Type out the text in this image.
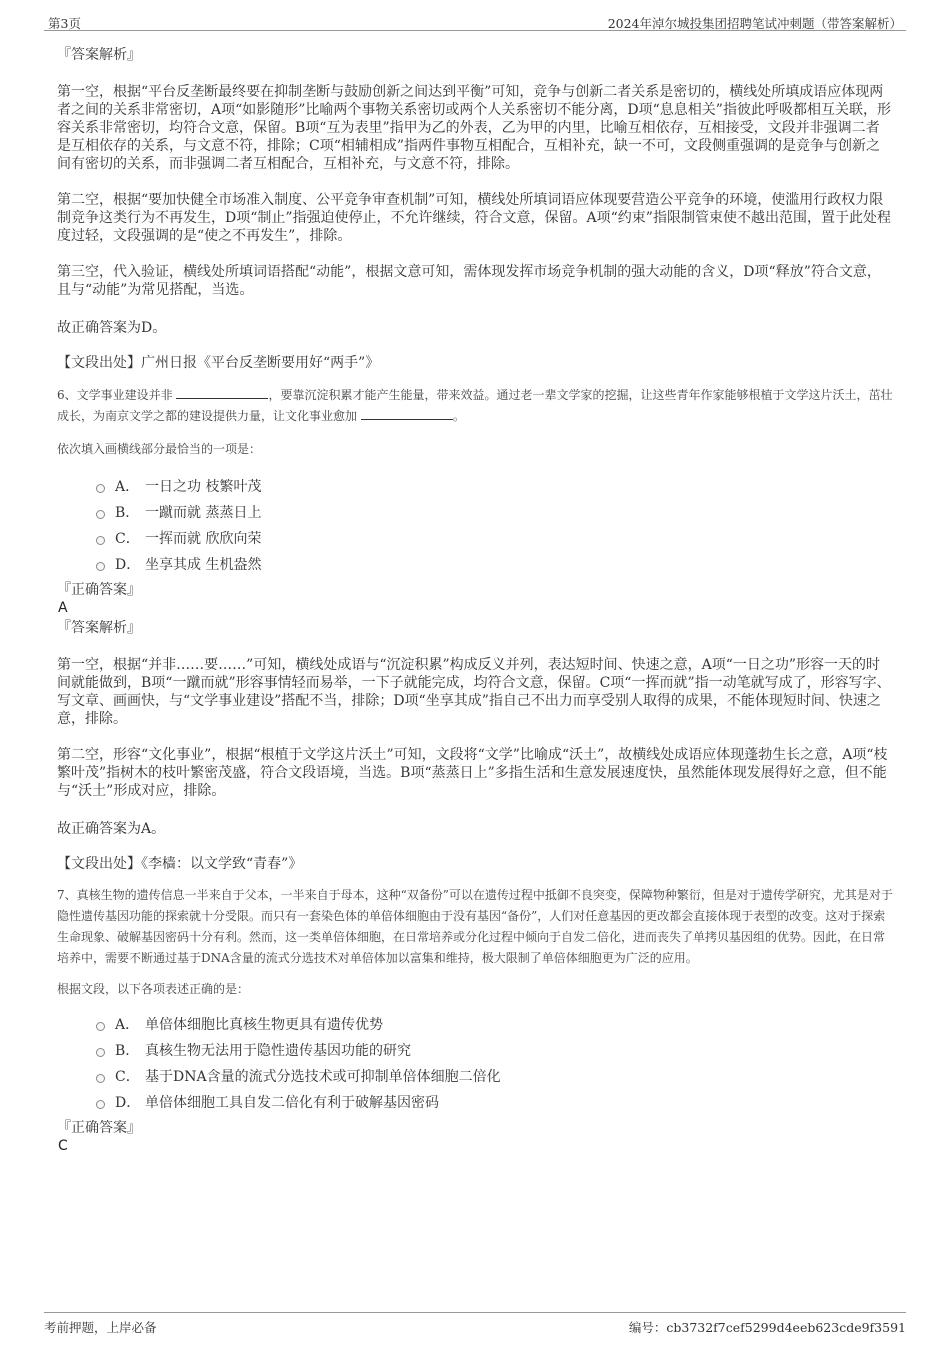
第3页	2024年淖尔城投集团招聘笔试冲刺题（带答案解析）
『答案解析』

第一空，根据“平台反垄断最终要在抑制垄断与鼓励创新之间达到平衡”可知，竞争与创新二者关系是密切的，横线处所填成语应体现两者之间的关系非常密切，A项“如影随形”比喻两个事物关系密切或两个人关系密切不能分离，D项“息息相关”指彼此呼吸都相互关联，形容关系非常密切，均符合文意，保留。B项“互为表里”指甲为乙的外表，乙为甲的内里，比喻互相依存，互相接受，文段并非强调二者是互相依存的关系，与文意不符，排除；C项“相辅相成”指两件事物互相配合，互相补充，缺一不可，文段侧重强调的是竞争与创新之间有密切的关系，而非强调二者互相配合，互相补充，与文意不符，排除。

第二空，根据“要加快健全市场准入制度、公平竞争审查机制”可知，横线处所填词语应体现要营造公平竞争的环境，使滥用行政权力限制竞争这类行为不再发生，D项“制止”指强迫使停止，不允许继续，符合文意，保留。A项“约束”指限制管束使不越出范围，置于此处程度过轻，文段强调的是“使之不再发生”，排除。

第三空，代入验证，横线处所填词语搭配“动能”，根据文意可知，需体现发挥市场竞争机制的强大动能的含义，D项“释放”符合文意，且与“动能”为常见搭配，当选。

故正确答案为D。

【文段出处】广州日报《平台反垄断要用好“两手”》

6、文学事业建设并非	，要靠沉淀积累才能产生能量，带来效益。通过老一辈文学家的挖掘，让这些青年作家能够根植于文学这片沃土，茁壮成长，为南京文学之都的建设提供力量，让文化事业愈加	。

依次填入画横线部分最恰当的一项是：

A． 一日之功 枝繁叶茂
B． 一蹴而就 蒸蒸日上
C． 一挥而就 欣欣向荣
D． 坐享其成 生机盎然
『正确答案』
A
『答案解析』

第一空，根据“并非……要……”可知，横线处成语与“沉淀积累”构成反义并列，表达短时间、快速之意，A项“一日之功”形容一天的时间就能做到，B项“一蹴而就”形容事情轻而易举，一下子就能完成，均符合文意，保留。C项“一挥而就”指一动笔就写成了，形容写字、写文章、画画快，与“文学事业建设”搭配不当，排除；D项“坐享其成”指自己不出力而享受别人取得的成果，不能体现短时间、快速之意，排除。

第二空，形容“文化事业”，根据“根植于文学这片沃土”可知，文段将“文学”比喻成“沃土”，故横线处成语应体现蓬勃生长之意，A项“枝繁叶茂”指树木的枝叶繁密茂盛，符合文段语境，当选。B项“蒸蒸日上”多指生活和生意发展速度快，虽然能体现发展得好之意，但不能与“沃土”形成对应，排除。

故正确答案为A。

【文段出处】《李樯：以文学致“青春”》

7、真核生物的遗传信息一半来自于父本，一半来自于母本，这种“双备份”可以在遗传过程中抵御不良突变，保障物种繁衍，但是对于遗传学研究，尤其是对于隐性遗传基因功能的探索就十分受限。而只有一套染色体的单倍体细胞由于没有基因“备份”，人们对任意基因的更改都会直接体现于表型的改变。这对于探索生命现象、破解基因密码十分有利。然而，这一类单倍体细胞，在日常培养或分化过程中倾向于自发二倍化，进而丧失了单拷贝基因组的优势。因此，在日常培养中，需要不断通过基于DNA含量的流式分选技术对单倍体加以富集和维持，极大限制了单倍体细胞更为广泛的应用。

根据文段，以下各项表述正确的是：

A． 单倍体细胞比真核生物更具有遗传优势
B． 真核生物无法用于隐性遗传基因功能的研究
C． 基于DNA含量的流式分选技术或可抑制单倍体细胞二倍化
D． 单倍体细胞工具自发二倍化有利于破解基因密码
『正确答案』
C
考前押题，上岸必备	编号：cb3732f7cef5299d4eeb623cde9f3591
